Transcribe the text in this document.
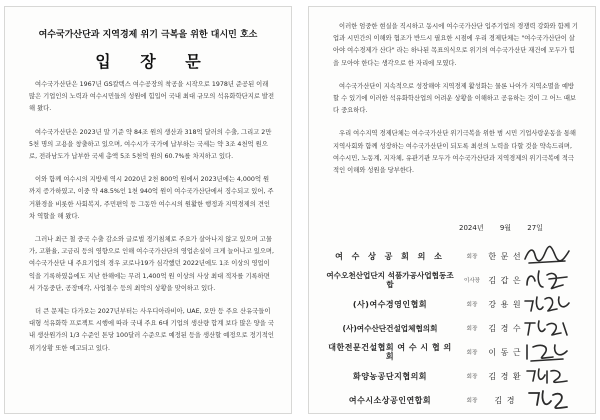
여수국가산단과 지역경제 위기 극복을 위한 대시민 호소
입 장 문

여수국가산단은 1967년 GS칼텍스 여수공장의 착공을 시작으로 1978년 준공된 이래 많은 기업인의 노력과 여수시민들의 성원에 힘입어 국내 최대 규모의 석유화학단지로 발전해 왔다.

여수국가산단은 2023년 말 기준 약 84조 원의 생산과 318억 달러의 수출, 그리고 2만 5천 명의 고용을 창출하고 있으며, 여수시가 국가에 납부하는 국세는 약 3조 4천억 원으로, 전라남도가 납부한 국세 총액 5조 5천억 원의 60.7%를 차지하고 있다.

이와 함께 여수시의 지방세 역시 2020년 2천 800억 원에서 2023년에는 4,000억 원까지 증가하였고, 이중 약 48.5%인 1천 940억 원이 여수국가산단에서 징수되고 있어, 주거환경을 비롯한 사회복지, 주민편익 등 그동안 여수시의 원활한 행정과 지역경제의 견인차 역할을 해 왔다.

그러나 최근 철 중국 수출 감소와 글로벌 경기침체로 주요가 살아나지 않고 있으며 고물가, 고환율, 고금리 등의 영향으로 인해 여수국가산단의 영업손실이 크게 늘어나고 있으며, 여수국가산단 내 주요기업의 경우 코로나19가 심각했던 2022년에도 1조 이상의 영업이익을 기록하였음에도 지난 한해에는 무려 1,400억 원 이상의 사상 최대 적자를 기록하면서 가동중단, 공장매각, 사업철수 등의 최악의 상황을 맞이하고 있다.

더 큰 문제는 다가오는 2027년부터는 사우디아라비아, UAE, 오만 등 주요 산유국들이 대형 석유화학 프로젝트 시행에 따라 국내 주요 6대 기업의 생산량 합계 보다 많은 양을 국내 생산원가의 1/3 수준인 톤당 100달러 수준으로 예정된 등을 생산할 예정으로 정기적인 위기상황 또한 예고되고 있다.

이러한 엄중한 현실을 직시하고 동시에 여수국가산단 입주기업의 경쟁력 강화와 함께 기업과 시민간의 이해와 협조가 반드시 필요한 시점에 우리 경제단체는 "여수국가산단이 살아야 여수경제가 산다" 라는 하나된 목표의식으로 위기의 여수국가산단 재건에 모두가 힘을 모아야 한다는 생각으로 한 자리에 모였다.

여수국가산단이 지속적으로 성장해야 지역경제 활성화는 물론 나아가 지역소멸을 예방할 수 있기에 이러한 석유화학산업의 어려운 상황을 이해하고 공유하는 것이 그 어느 때보다 중요하다.

우리 여수지역 경제단체는 여수국가산단 위기극복을 위한 범 시민 기업사랑운동을 통해 지역사회와 함께 성장하는 여수국가산단이 되도록 최선의 노력을 다할 것을 약속드리며, 여수시민, 노동계, 지자체, 유관기관 모두가 여수국가산단과 지역경제의 위기극복에 적극적인 이해와 성원을 당부한다.

2024년 9월 27일
여 수 상 공 회 의 소	회장	한 문 선
여수오천산업단지 석품가공사업협동조합	이사장	김 갑 은
(사)여수경영인협회	회장	강 용 원
(사)여수산단건설업체협의회	회장	김 경 수
대한전문건설협회 여 수 시 협 의 회	회장	이 동 근
화양농공단지협의회	회장	김 경 환
여수시소상공인연합회	회장	김 경
